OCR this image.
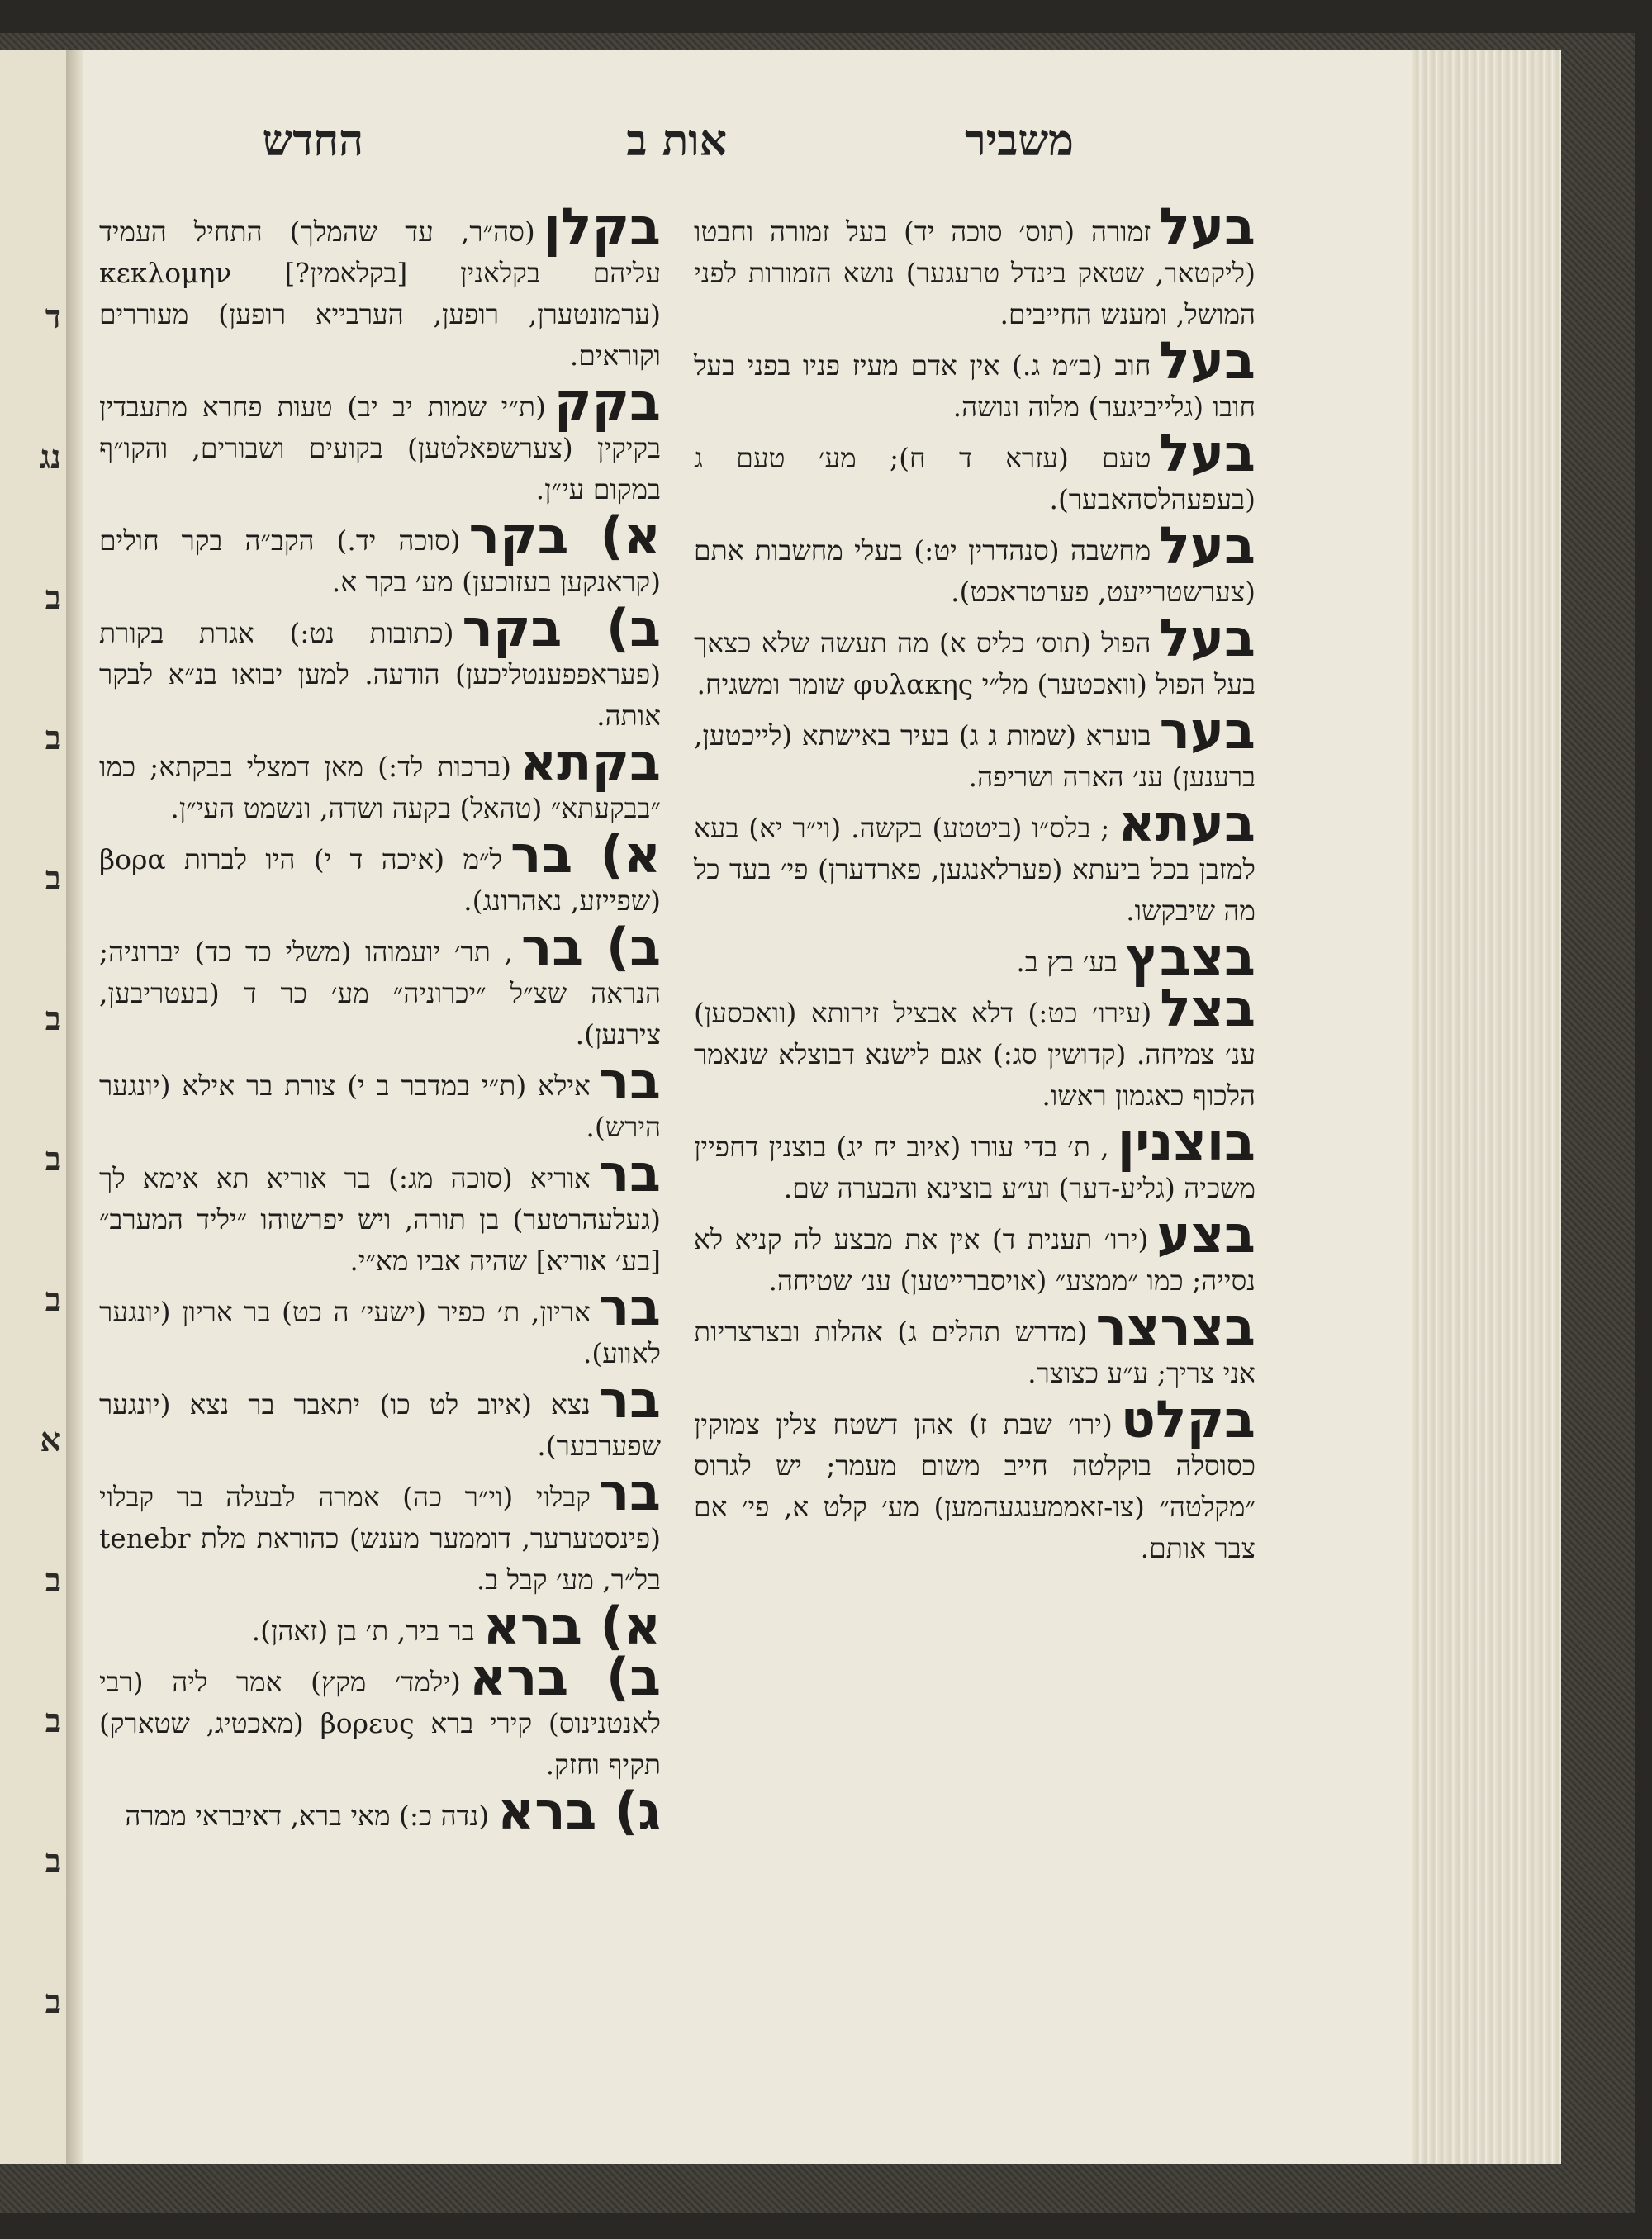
ד
נג
ב
ב
ב
ב
ב
ב
א
ב
ב
ב
ב
משביר
אות ב
החדש
בעלזמורה (תוס׳ סוכה יד) בעל זמורה וחבטו (ליקטאר, שטאק בינדל טרעגער) נושא הזמורות לפני המושל, ומענש החייבים.
בעלחוב (ב״מ ג.) אין אדם מעיז פניו בפני בעל חובו (גלייביגער) מלוה ונושה.
בעלטעם (עזרא ד ח); מע׳ טעם ג (בעפעהלסהאבער).
בעלמחשבה (סנהדרין יט:) בעלי מחשבות אתם (צערשטרייעט, פערטראכט).
בעלהפול (תוס׳ כליס א) מה תעשה שלא כצאך בעל הפול (וואכטער) מל״י φυλακης שומר ומשגיח.
בערבוערא (שמות ג ג) בעיר באישתא (לייכטען, ברענען) ענ׳ הארה ושריפה.
בעתא; בלס״ו (ביטטע) בקשה. (וי״ר יא) בעא למזבן בכל ביעתא (פערלאנגען, פארדערן) פי׳ בעד כל מה שיבקשו.
בצבץבע׳ בץ ב.
בצל(עירו׳ כט:) דלא אבציל זירותא (וואכסען) ענ׳ צמיחה. (קדושין סג:) אגם לישנא דבוצלא שנאמר הלכוף כאגמון ראשו.
בוצנין, ת׳ בדי עורו (איוב יח יג) בוצנין דחפיין משכיה (גליע-דער) וע״ע בוצינא והבערה שם.
בצע(ירו׳ תענית ד) אין את מבצע לה קניא לא נסייה; כמו ״ממצע״ (אויסברייטען) ענ׳ שטיחה.
בצרצר(מדרש תהלים ג) אהלות ובצרצריות אני צריך; ע״ע כצוצר.
בקלט(ירו׳ שבת ז) אהן דשטח צלין צמוקין כסוסלה בוקלטה חייב משום מעמר; יש לגרוס ״מקלטה״ (צו-זאממענגעהמען) מע׳ קלט א, פי׳ אם צבר אותם.
בקלן(סה״ר, עד שהמלך) התחיל העמיד עליהם בקלאנין [בקלאמין?] κεκλομην (ערמונטערן, רופען, הערבייא רופען) מעוררים וקוראים.
בקק(ת״י שמות יב יב) טעות פחרא מתעבדין בקיקין (צערשפאלטען) בקועים ושבורים, והקו״ף במקום עי״ן.
א) בקר(סוכה יד.) הקב״ה בקר חולים (קראנקען בעזוכען) מע׳ בקר א.
ב) בקר(כתובות נט:) אגרת בקורת (פעראפפענטליכען) הודעה. למען יבואו בנ״א לבקר אותה.
בקתא(ברכות לד:) מאן דמצלי בבקתא; כמו ״בבקעתא״ (טהאל) בקעה ושדה, ונשמט העי״ן.
א) ברל״מ (איכה ד י) היו לברות βορα (שפייזע, נאהרונג).
ב) בר, תר׳ יועמוהו (משלי כד כד) יברוניה; הנראה שצ״ל ״יכרוניה״ מע׳ כר ד (בעטריבען, צירנען).
בראילא (ת״י במדבר ב י) צורת בר אילא (יונגער הירש).
בראוריא (סוכה מג:) בר אוריא תא אימא לך (געלעהרטער) בן תורה, ויש יפרשוהו ״יליד המערב״ [בע׳ אוריא] שהיה אביו מא״י.
בראריון, ת׳ כפיר (ישעי׳ ה כט) בר אריון (יונגער לאווע).
ברנצא (איוב לט כו) יתאבר בר נצא (יונגער שפערבער).
ברקבלוי (וי״ר כה) אמרה לבעלה בר קבלוי (פינסטערער, דוממער מענש) כהוראת מלת tenebr בל״ר, מע׳ קבל ב.
א) בראבר ביר, ת׳ בן (זאהן).
ב) ברא(ילמד׳ מקץ) אמר ליה (רבי לאנטנינוס) קירי ברא βορευς (מאכטיג, שטארק) תקיף וחזק.
ג) ברא(נדה כ:) מאי ברא, דאיבראי ממרה
